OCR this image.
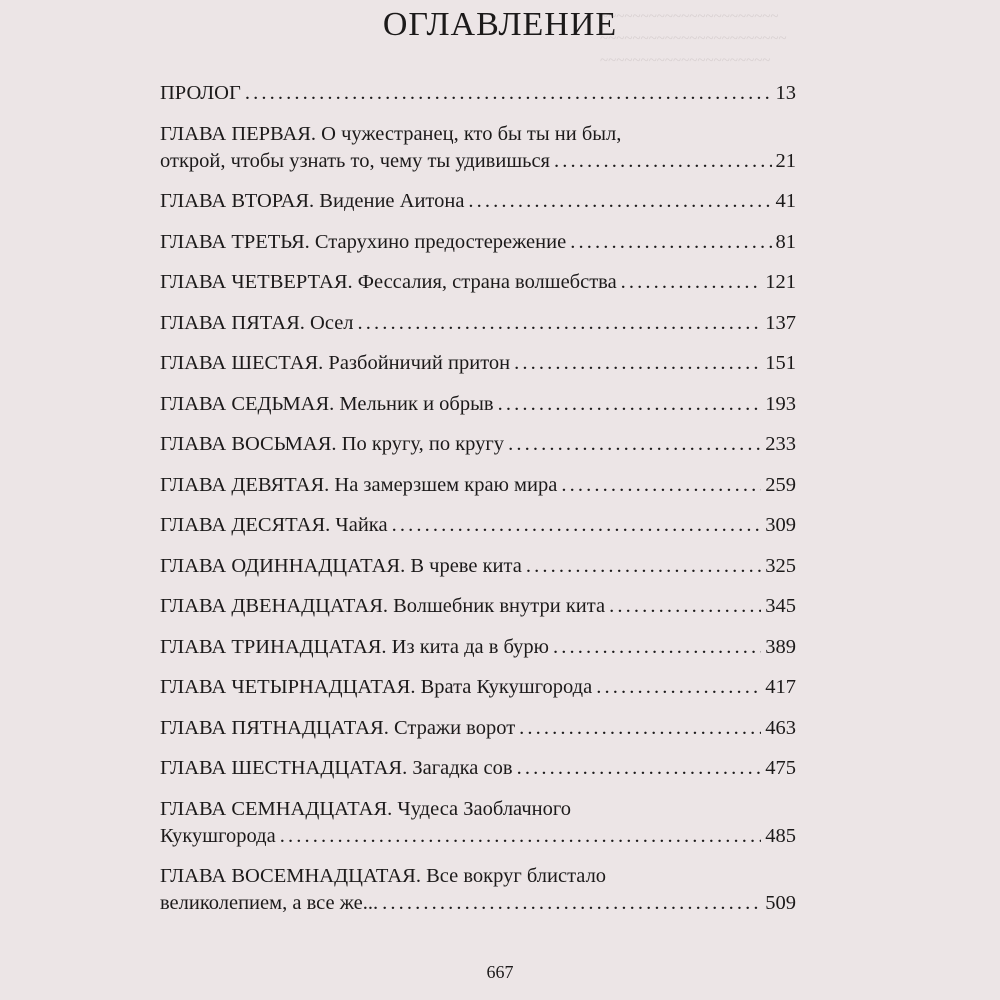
~~~~~~~~~~~~~~~~~~~~~~
~~~~~~~~~~~~~~~~~~~~~~~
~~~~~~~~~~~~~~~~~~~~~
ОГЛАВЛЕНИЕ

ПРОЛОГ . . .	13

ГЛАВА ПЕРВАЯ. О чужестранец, кто бы ты ни был,
открой, чтобы узнать то, чему ты удивишься . . .	21

ГЛАВА ВТОРАЯ. Видение Аитона . . .	41

ГЛАВА ТРЕТЬЯ. Старухино предостережение . . .	81

ГЛАВА ЧЕТВЕРТАЯ. Фессалия, страна волшебства . . .	121

ГЛАВА ПЯТАЯ. Осел . . .	137

ГЛАВА ШЕСТАЯ. Разбойничий притон . . .	151

ГЛАВА СЕДЬМАЯ. Мельник и обрыв . . .	193

ГЛАВА ВОСЬМАЯ. По кругу, по кругу . . .	233

ГЛАВА ДЕВЯТАЯ. На замерзшем краю мира . . .	259

ГЛАВА ДЕСЯТАЯ. Чайка . . .	309

ГЛАВА ОДИННАДЦАТАЯ. В чреве кита . . .	325

ГЛАВА ДВЕНАДЦАТАЯ. Волшебник внутри кита . . .	345

ГЛАВА ТРИНАДЦАТАЯ. Из кита да в бурю . . .	389

ГЛАВА ЧЕТЫРНАДЦАТАЯ. Врата Кукушгорода . . .	417

ГЛАВА ПЯТНАДЦАТАЯ. Стражи ворот . . .	463

ГЛАВА ШЕСТНАДЦАТАЯ. Загадка сов . . .	475

ГЛАВА СЕМНАДЦАТАЯ. Чудеса Заоблачного
Кукушгорода . . .	485

ГЛАВА ВОСЕМНАДЦАТАЯ. Все вокруг блистало
великолепием, а все же... . . .	509

667
